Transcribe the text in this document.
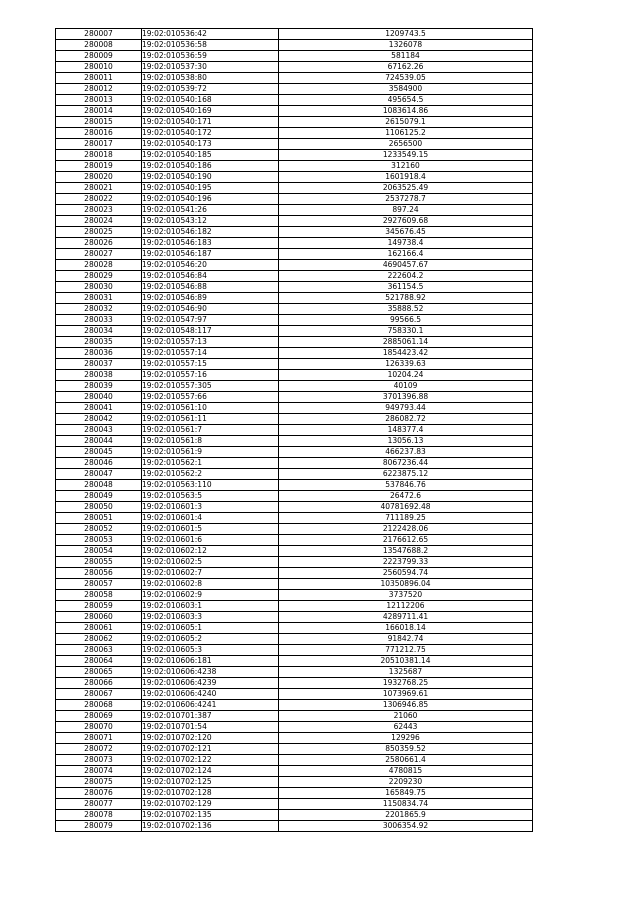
280007	19:02:010536:42	1209743.5
280008	19:02:010536:58	1326078
280009	19:02:010536:59	581184
280010	19:02:010537:30	67162.26
280011	19:02:010538:80	724539.05
280012	19:02:010539:72	3584900
280013	19:02:010540:168	495654.5
280014	19:02:010540:169	1083614.86
280015	19:02:010540:171	2615079.1
280016	19:02:010540:172	1106125.2
280017	19:02:010540:173	2656500
280018	19:02:010540:185	1233549.15
280019	19:02:010540:186	312160
280020	19:02:010540:190	1601918.4
280021	19:02:010540:195	2063525.49
280022	19:02:010540:196	2537278.7
280023	19:02:010541:26	897.24
280024	19:02:010543:12	2927609.68
280025	19:02:010546:182	345676.45
280026	19:02:010546:183	149738.4
280027	19:02:010546:187	162166.4
280028	19:02:010546:20	4690457.67
280029	19:02:010546:84	222604.2
280030	19:02:010546:88	361154.5
280031	19:02:010546:89	521788.92
280032	19:02:010546:90	35888.52
280033	19:02:010547:97	99566.5
280034	19:02:010548:117	758330.1
280035	19:02:010557:13	2885061.14
280036	19:02:010557:14	1854423.42
280037	19:02:010557:15	126339.63
280038	19:02:010557:16	10204.24
280039	19:02:010557:305	40109
280040	19:02:010557:66	3701396.88
280041	19:02:010561:10	949793.44
280042	19:02:010561:11	286082.72
280043	19:02:010561:7	148377.4
280044	19:02:010561:8	13056.13
280045	19:02:010561:9	466237.83
280046	19:02:010562:1	8067236.44
280047	19:02:010562:2	6223875.12
280048	19:02:010563:110	537846.76
280049	19:02:010563:5	26472.6
280050	19:02:010601:3	40781692.48
280051	19:02:010601:4	711189.25
280052	19:02:010601:5	2122428.06
280053	19:02:010601:6	2176612.65
280054	19:02:010602:12	13547688.2
280055	19:02:010602:5	2223799.33
280056	19:02:010602:7	2560594.74
280057	19:02:010602:8	10350896.04
280058	19:02:010602:9	3737520
280059	19:02:010603:1	12112206
280060	19:02:010603:3	4289711.41
280061	19:02:010605:1	166018.14
280062	19:02:010605:2	91842.74
280063	19:02:010605:3	771212.75
280064	19:02:010606:181	20510381.14
280065	19:02:010606:4238	1325687
280066	19:02:010606:4239	1932768.25
280067	19:02:010606:4240	1073969.61
280068	19:02:010606:4241	1306946.85
280069	19:02:010701:387	21060
280070	19:02:010701:54	62443
280071	19:02:010702:120	129296
280072	19:02:010702:121	850359.52
280073	19:02:010702:122	2580661.4
280074	19:02:010702:124	4780815
280075	19:02:010702:125	2209230
280076	19:02:010702:128	165849.75
280077	19:02:010702:129	1150834.74
280078	19:02:010702:135	2201865.9
280079	19:02:010702:136	3006354.92
